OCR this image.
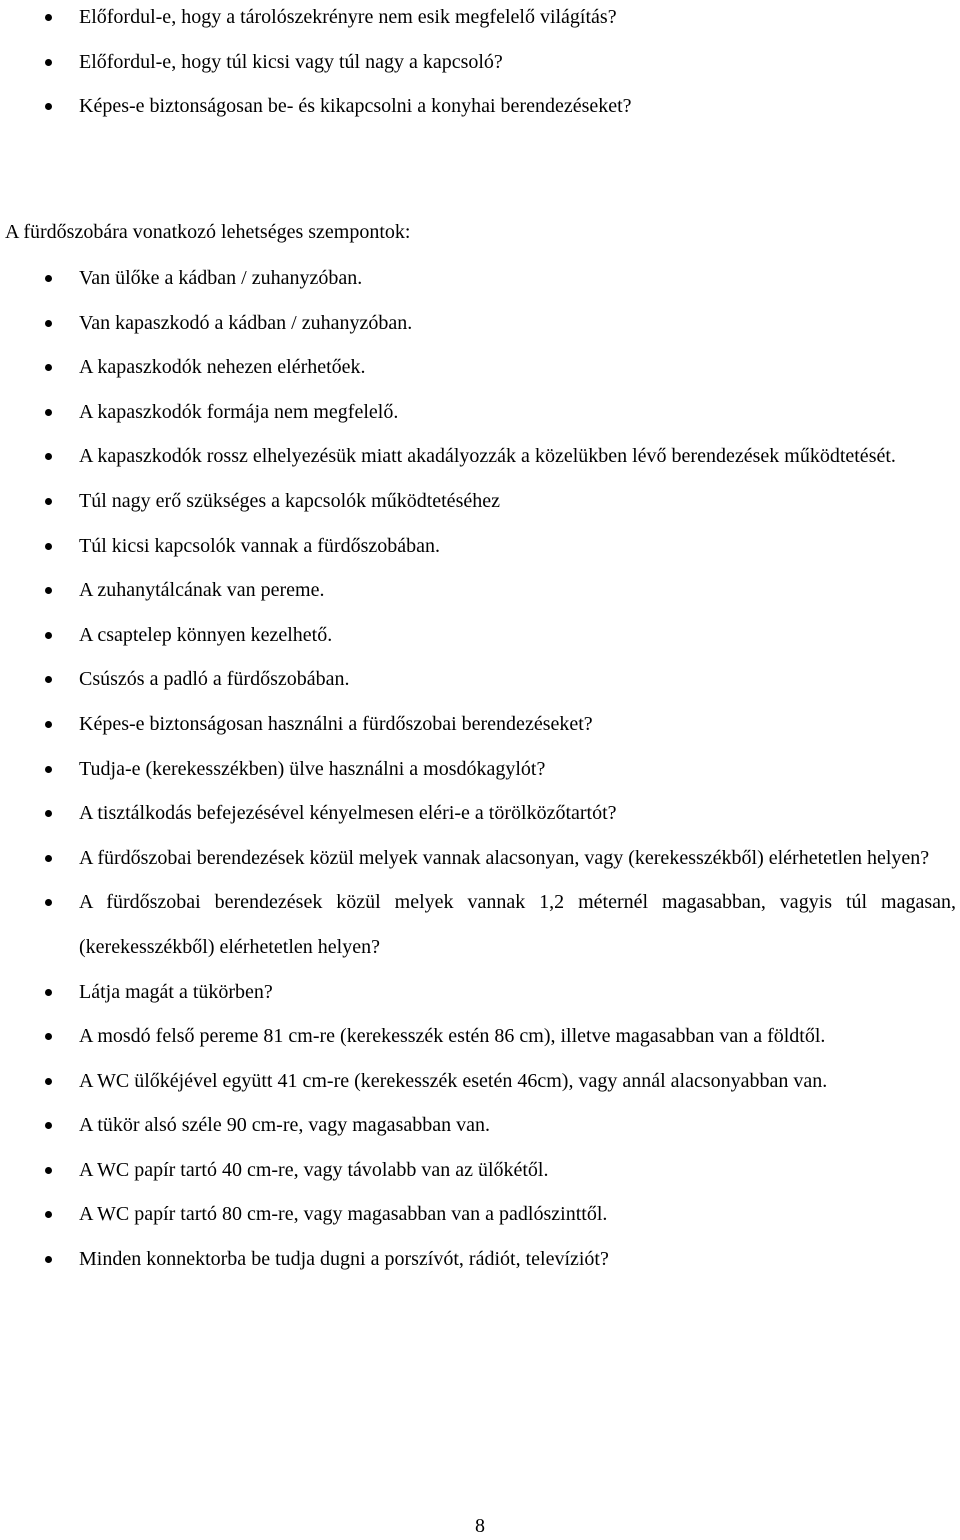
Előfordul-e, hogy a tárolószekrényre nem esik megfelelő világítás?
Előfordul-e, hogy túl kicsi vagy túl nagy a kapcsoló?
Képes-e biztonságosan be- és kikapcsolni a konyhai berendezéseket?

A fürdőszobára vonatkozó lehetséges szempontok:

Van ülőke a kádban / zuhanyzóban.
Van kapaszkodó a kádban / zuhanyzóban.
A kapaszkodók nehezen elérhetőek.
A kapaszkodók formája nem megfelelő.
A kapaszkodók rossz elhelyezésük miatt akadályozzák a közelükben lévő berendezések működtetését.
Túl nagy erő szükséges a kapcsolók működtetéséhez
Túl kicsi kapcsolók vannak a fürdőszobában.
A zuhanytálcának van pereme.
A csaptelep könnyen kezelhető.
Csúszós a padló a fürdőszobában.
Képes-e biztonságosan használni a fürdőszobai berendezéseket?
Tudja-e (kerekesszékben) ülve használni a mosdókagylót?
A tisztálkodás befejezésével kényelmesen eléri-e a törölközőtartót?
A fürdőszobai berendezések közül melyek vannak alacsonyan, vagy (kerekesszékből) elérhetetlen helyen?
A fürdőszobai berendezések közül melyek vannak 1,2 méternél magasabban, vagyis túl magasan, (kerekesszékből) elérhetetlen helyen?
Látja magát a tükörben?
A mosdó felső pereme 81 cm-re (kerekesszék estén 86 cm), illetve magasabban van a földtől.
A WC ülőkéjével együtt 41 cm-re (kerekesszék esetén 46cm), vagy annál alacsonyabban van.
A tükör alsó széle 90 cm-re, vagy magasabban van.
A WC papír tartó 40 cm-re, vagy távolabb van az ülőkétől.
A WC papír tartó 80 cm-re, vagy magasabban van a padlószinttől.
Minden konnektorba be tudja dugni a porszívót, rádiót, televíziót?
8
